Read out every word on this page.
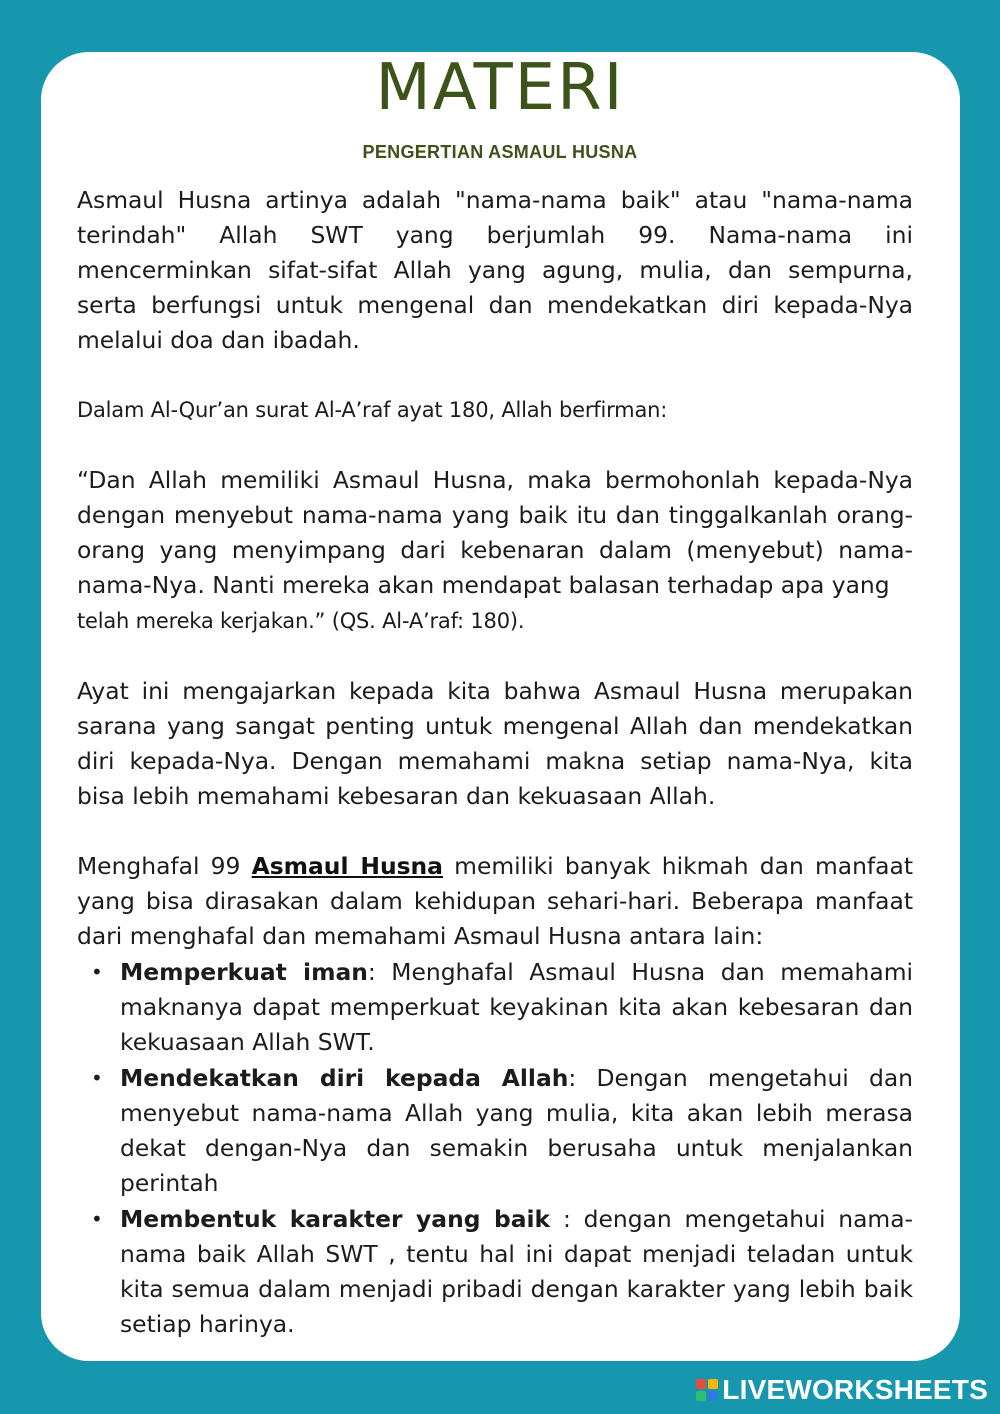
MATERI
PENGERTIAN ASMAUL HUSNA

Asmaul Husna artinya adalah "nama-nama baik" atau "nama-nama terindah" Allah SWT yang berjumlah 99. Nama-nama ini mencerminkan sifat-sifat Allah yang agung, mulia, dan sempurna, serta berfungsi untuk mengenal dan mendekatkan diri kepada-Nya melalui doa dan ibadah.

Dalam Al-Qur’an surat Al-A’raf ayat 180, Allah berfirman:

“Dan Allah memiliki Asmaul Husna, maka bermohonlah kepada-Nya dengan menyebut nama-nama yang baik itu dan tinggalkanlah orang-orang yang menyimpang dari kebenaran dalam (menyebut) nama-nama-Nya. Nanti mereka akan mendapat balasan terhadap apa yang
telah mereka kerjakan.” (QS. Al-A’raf: 180).

Ayat ini mengajarkan kepada kita bahwa Asmaul Husna merupakan sarana yang sangat penting untuk mengenal Allah dan mendekatkan diri kepada-Nya. Dengan memahami makna setiap nama-Nya, kita bisa lebih memahami kebesaran dan kekuasaan Allah.

Menghafal 99 Asmaul Husna memiliki banyak hikmah dan manfaat yang bisa dirasakan dalam kehidupan sehari-hari. Beberapa manfaat dari menghafal dan memahami Asmaul Husna antara lain:

• Memperkuat iman: Menghafal Asmaul Husna dan memahami maknanya dapat memperkuat keyakinan kita akan kebesaran dan kekuasaan Allah SWT.
• Mendekatkan diri kepada Allah: Dengan mengetahui dan menyebut nama-nama Allah yang mulia, kita akan lebih merasa dekat dengan-Nya dan semakin berusaha untuk menjalankan perintah
• Membentuk karakter yang baik : dengan mengetahui nama-nama baik Allah SWT , tentu hal ini dapat menjadi teladan untuk kita semua dalam menjadi pribadi dengan karakter yang lebih baik setiap harinya.
LIVEWORKSHEETS
